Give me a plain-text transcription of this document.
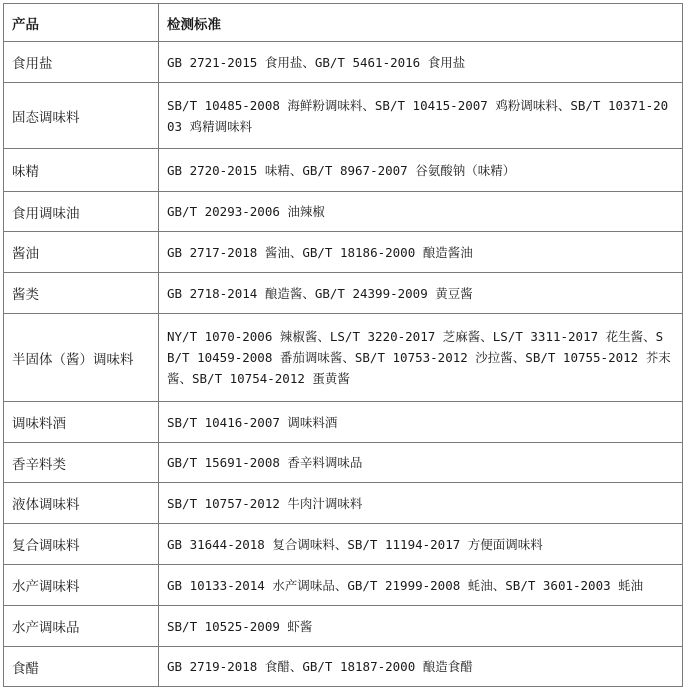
产品	检测标准
食用盐	GB 2721-2015 食用盐、GB/T 5461-2016 食用盐
固态调味料	SB/T 10485-2008 海鲜粉调味料、SB/T 10415-2007 鸡粉调味料、SB/T 10371-2003 鸡精调味料
味精	GB 2720-2015 味精、GB/T 8967-2007 谷氨酸钠（味精）
食用调味油	GB/T 20293-2006 油辣椒
酱油	GB 2717-2018 酱油、GB/T 18186-2000 酿造酱油
酱类	GB 2718-2014 酿造酱、GB/T 24399-2009 黄豆酱
半固体（酱）调味料	NY/T 1070-2006 辣椒酱、LS/T 3220-2017 芝麻酱、LS/T 3311-2017 花生酱、SB/T 10459-2008 番茄调味酱、SB/T 10753-2012 沙拉酱、SB/T 10755-2012 芥末酱、SB/T 10754-2012 蛋黄酱
调味料酒	SB/T 10416-2007 调味料酒
香辛料类	GB/T 15691-2008 香辛料调味品
液体调味料	SB/T 10757-2012 牛肉汁调味料
复合调味料	GB 31644-2018 复合调味料、SB/T 11194-2017 方便面调味料
水产调味料	GB 10133-2014 水产调味品、GB/T 21999-2008 蚝油、SB/T 3601-2003 蚝油
水产调味品	SB/T 10525-2009 虾酱
食醋	GB 2719-2018 食醋、GB/T 18187-2000 酿造食醋
